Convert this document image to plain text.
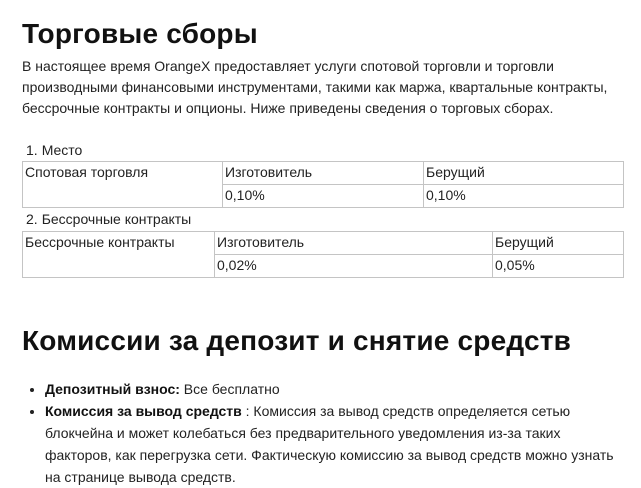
Торговые сборы

В настоящее время OrangeX предоставляет услуги спотовой торговли и торговли производными финансовыми инструментами, такими как маржа, квартальные контракты, бессрочные контракты и опционы. Ниже приведены сведения о торговых сборах.

1. Место
Спотовая торговля	Изготовитель	Берущий
	0,10%	0,10%
2. Бессрочные контракты
Бессрочные контракты	Изготовитель	Берущий
	0,02%	0,05%
Комиссии за депозит и снятие средств
• Депозитный взнос: Все бесплатно
• Комиссия за вывод средств : Комиссия за вывод средств определяется сетью блокчейна и может колебаться без предварительного уведомления из-за таких факторов, как перегрузка сети. Фактическую комиссию за вывод средств можно узнать на странице вывода средств.
